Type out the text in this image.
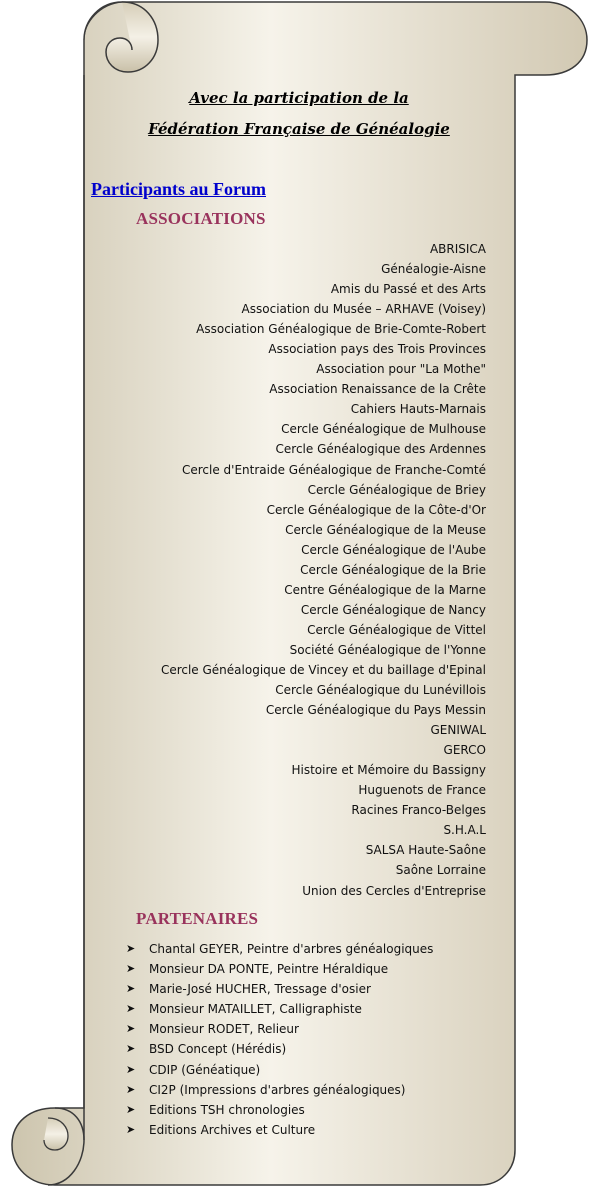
Avec la participation de la
Fédération Française de Généalogie
Participants au Forum
ASSOCIATIONS
ABRISICA
Généalogie-Aisne
Amis du Passé et des Arts
Association du Musée – ARHAVE (Voisey)
Association Généalogique de Brie-Comte-Robert
Association pays des Trois Provinces
Association pour "La Mothe"
Association Renaissance de la Crête
Cahiers Hauts-Marnais
Cercle Généalogique de Mulhouse
Cercle Généalogique des Ardennes
Cercle d'Entraide Généalogique de Franche-Comté
Cercle Généalogique de Briey
Cercle Généalogique de la Côte-d'Or
Cercle Généalogique de la Meuse
Cercle Généalogique de l'Aube
Cercle Généalogique de la Brie
Centre Généalogique de la Marne
Cercle Généalogique de Nancy
Cercle Généalogique de Vittel
Société Généalogique de l'Yonne
Cercle Généalogique de Vincey et du baillage d'Epinal
Cercle Généalogique du Lunévillois
Cercle Généalogique du Pays Messin
GENIWAL
GERCO
Histoire et Mémoire du Bassigny
Huguenots de France
Racines Franco-Belges
S.H.A.L
SALSA Haute-Saône
Saône Lorraine
Union des Cercles d'Entreprise
PARTENAIRES
➤	Chantal GEYER, Peintre d'arbres généalogiques
➤	Monsieur DA PONTE, Peintre Héraldique
➤	Marie-José HUCHER, Tressage d'osier
➤	Monsieur MATAILLET, Calligraphiste
➤	Monsieur RODET, Relieur
➤	BSD Concept (Hérédis)
➤	CDIP (Généatique)
➤	CI2P (Impressions d'arbres généalogiques)
➤	Editions TSH chronologies
➤	Editions Archives et Culture
